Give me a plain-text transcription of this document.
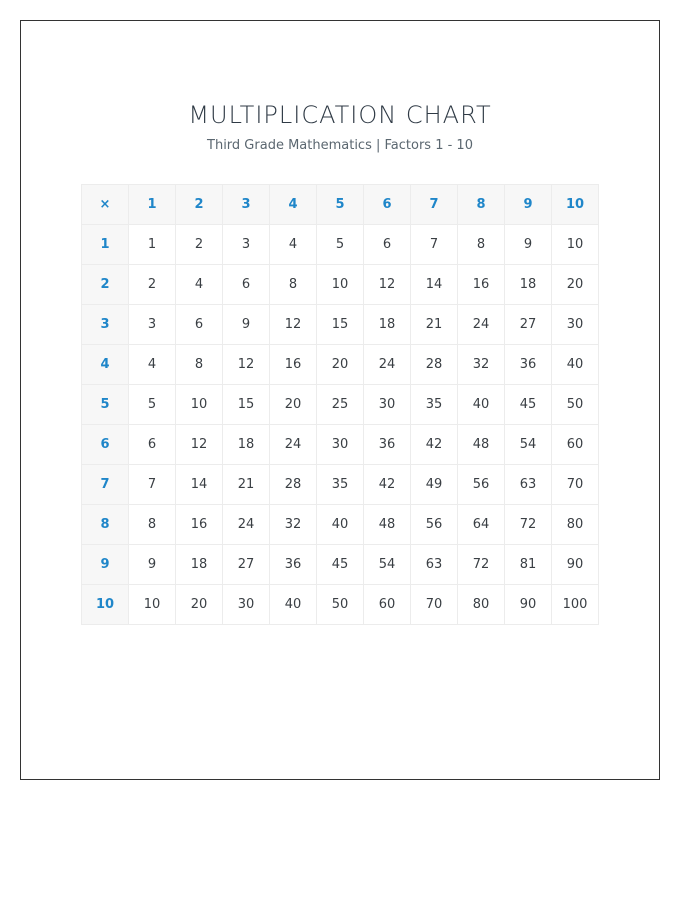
MULTIPLICATION CHART
Third Grade Mathematics | Factors 1 - 10
×	1	2	3	4	5	6	7	8	9	10
1	1	2	3	4	5	6	7	8	9	10
2	2	4	6	8	10	12	14	16	18	20
3	3	6	9	12	15	18	21	24	27	30
4	4	8	12	16	20	24	28	32	36	40
5	5	10	15	20	25	30	35	40	45	50
6	6	12	18	24	30	36	42	48	54	60
7	7	14	21	28	35	42	49	56	63	70
8	8	16	24	32	40	48	56	64	72	80
9	9	18	27	36	45	54	63	72	81	90
10	10	20	30	40	50	60	70	80	90	100
